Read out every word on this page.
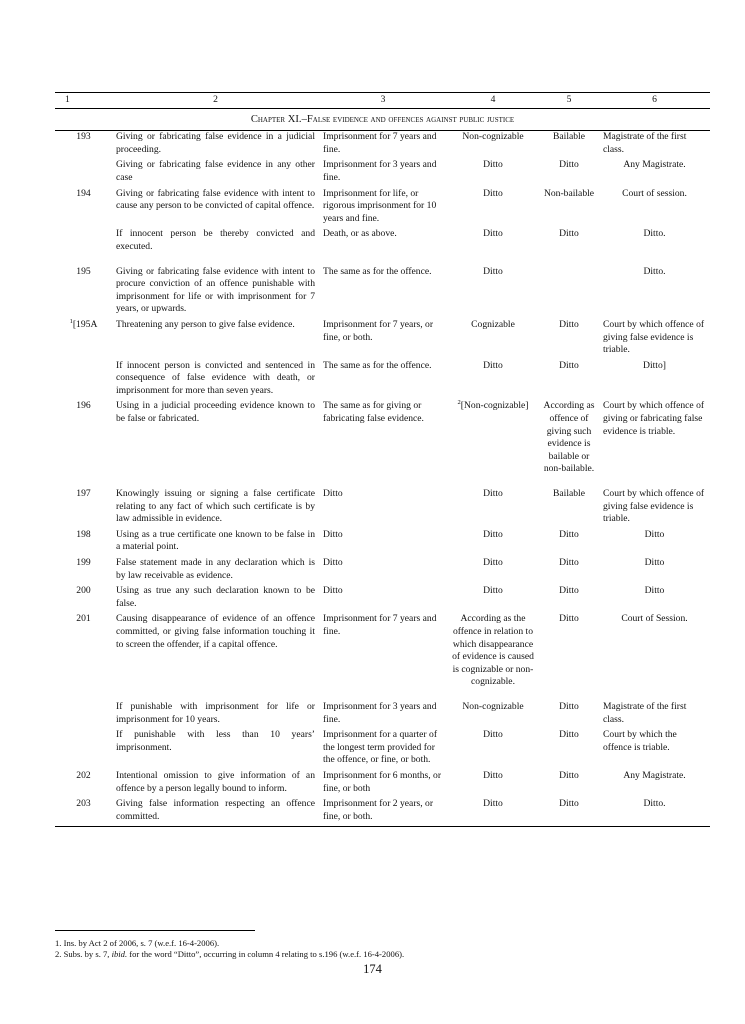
1	2	3	4	5	6
Chapter XI.–False evidence and offences against public justice					
193	Giving or fabricating false evidence in a judicial proceeding.	Imprisonment for 7 years and fine.	Non-cognizable	Bailable	Magistrate of the first class.
	Giving or fabricating false evidence in any other case	Imprisonment for 3 years and fine.	Ditto	Ditto	Any Magistrate.
194	Giving or fabricating false evidence with intent to cause any person to be convicted of capital offence.	Imprisonment for life, or rigorous imprisonment for 10 years and fine.	Ditto	Non-bailable	Court of session.
	If innocent person be thereby convicted and executed.	Death, or as above.	Ditto	Ditto	Ditto.
195	Giving or fabricating false evidence with intent to procure conviction of an offence punishable with imprisonment for life or with imprisonment for 7 years, or upwards.	The same as for the offence.	Ditto		Ditto.
$^1$[195A	Threatening any person to give false evidence.	Imprisonment for 7 years, or fine, or both.	Cognizable	Ditto	Court by which offence of giving false evidence is triable.
	If innocent person is convicted and sentenced in consequence of false evidence with death, or imprisonment for more than seven years.	The same as for the offence.	Ditto	Ditto	Ditto]
196	Using in a judicial proceeding evidence known to be false or fabricated.	The same as for giving or fabricating false evidence.	$^2$[Non-cognizable]	According as offence of giving such evidence is bailable or non-bailable.	Court by which offence of giving or fabricating false evidence is triable.
197	Knowingly issuing or signing a false certificate relating to any fact of which such certificate is by law admissible in evidence.	Ditto	Ditto	Bailable	Court by which offence of giving false evidence is triable.
198	Using as a true certificate one known to be false in a material point.	Ditto	Ditto	Ditto	Ditto
199	False statement made in any declaration which is by law receivable as evidence.	Ditto	Ditto	Ditto	Ditto
200	Using as true any such declaration known to be false.	Ditto	Ditto	Ditto	Ditto
201	Causing disappearance of evidence of an offence committed, or giving false information touching it to screen the offender, if a capital offence.	Imprisonment for 7 years and fine.	According as the offence in relation to which disappearance of evidence is caused is cognizable or non-cognizable.	Ditto	Court of Session.
	If punishable with imprisonment for life or imprisonment for 10 years.	Imprisonment for 3 years and fine.	Non-cognizable	Ditto	Magistrate of the first class.
	If punishable with less than 10 years’ imprisonment.	Imprisonment for a quarter of the longest term provided for the offence, or fine, or both.	Ditto	Ditto	Court by which the offence is triable.
202	Intentional omission to give information of an offence by a person legally bound to inform.	Imprisonment for 6 months, or fine, or both	Ditto	Ditto	Any Magistrate.
203	Giving false information respecting an offence committed.	Imprisonment for 2 years, or fine, or both.	Ditto	Ditto	Ditto.
1. Ins. by Act 2 of 2006, s. 7 (w.e.f. 16-4-2006).
2. Subs. by s. 7, ibid. for the word “Ditto”, occurring in column 4 relating to s.196 (w.e.f. 16-4-2006).
174
